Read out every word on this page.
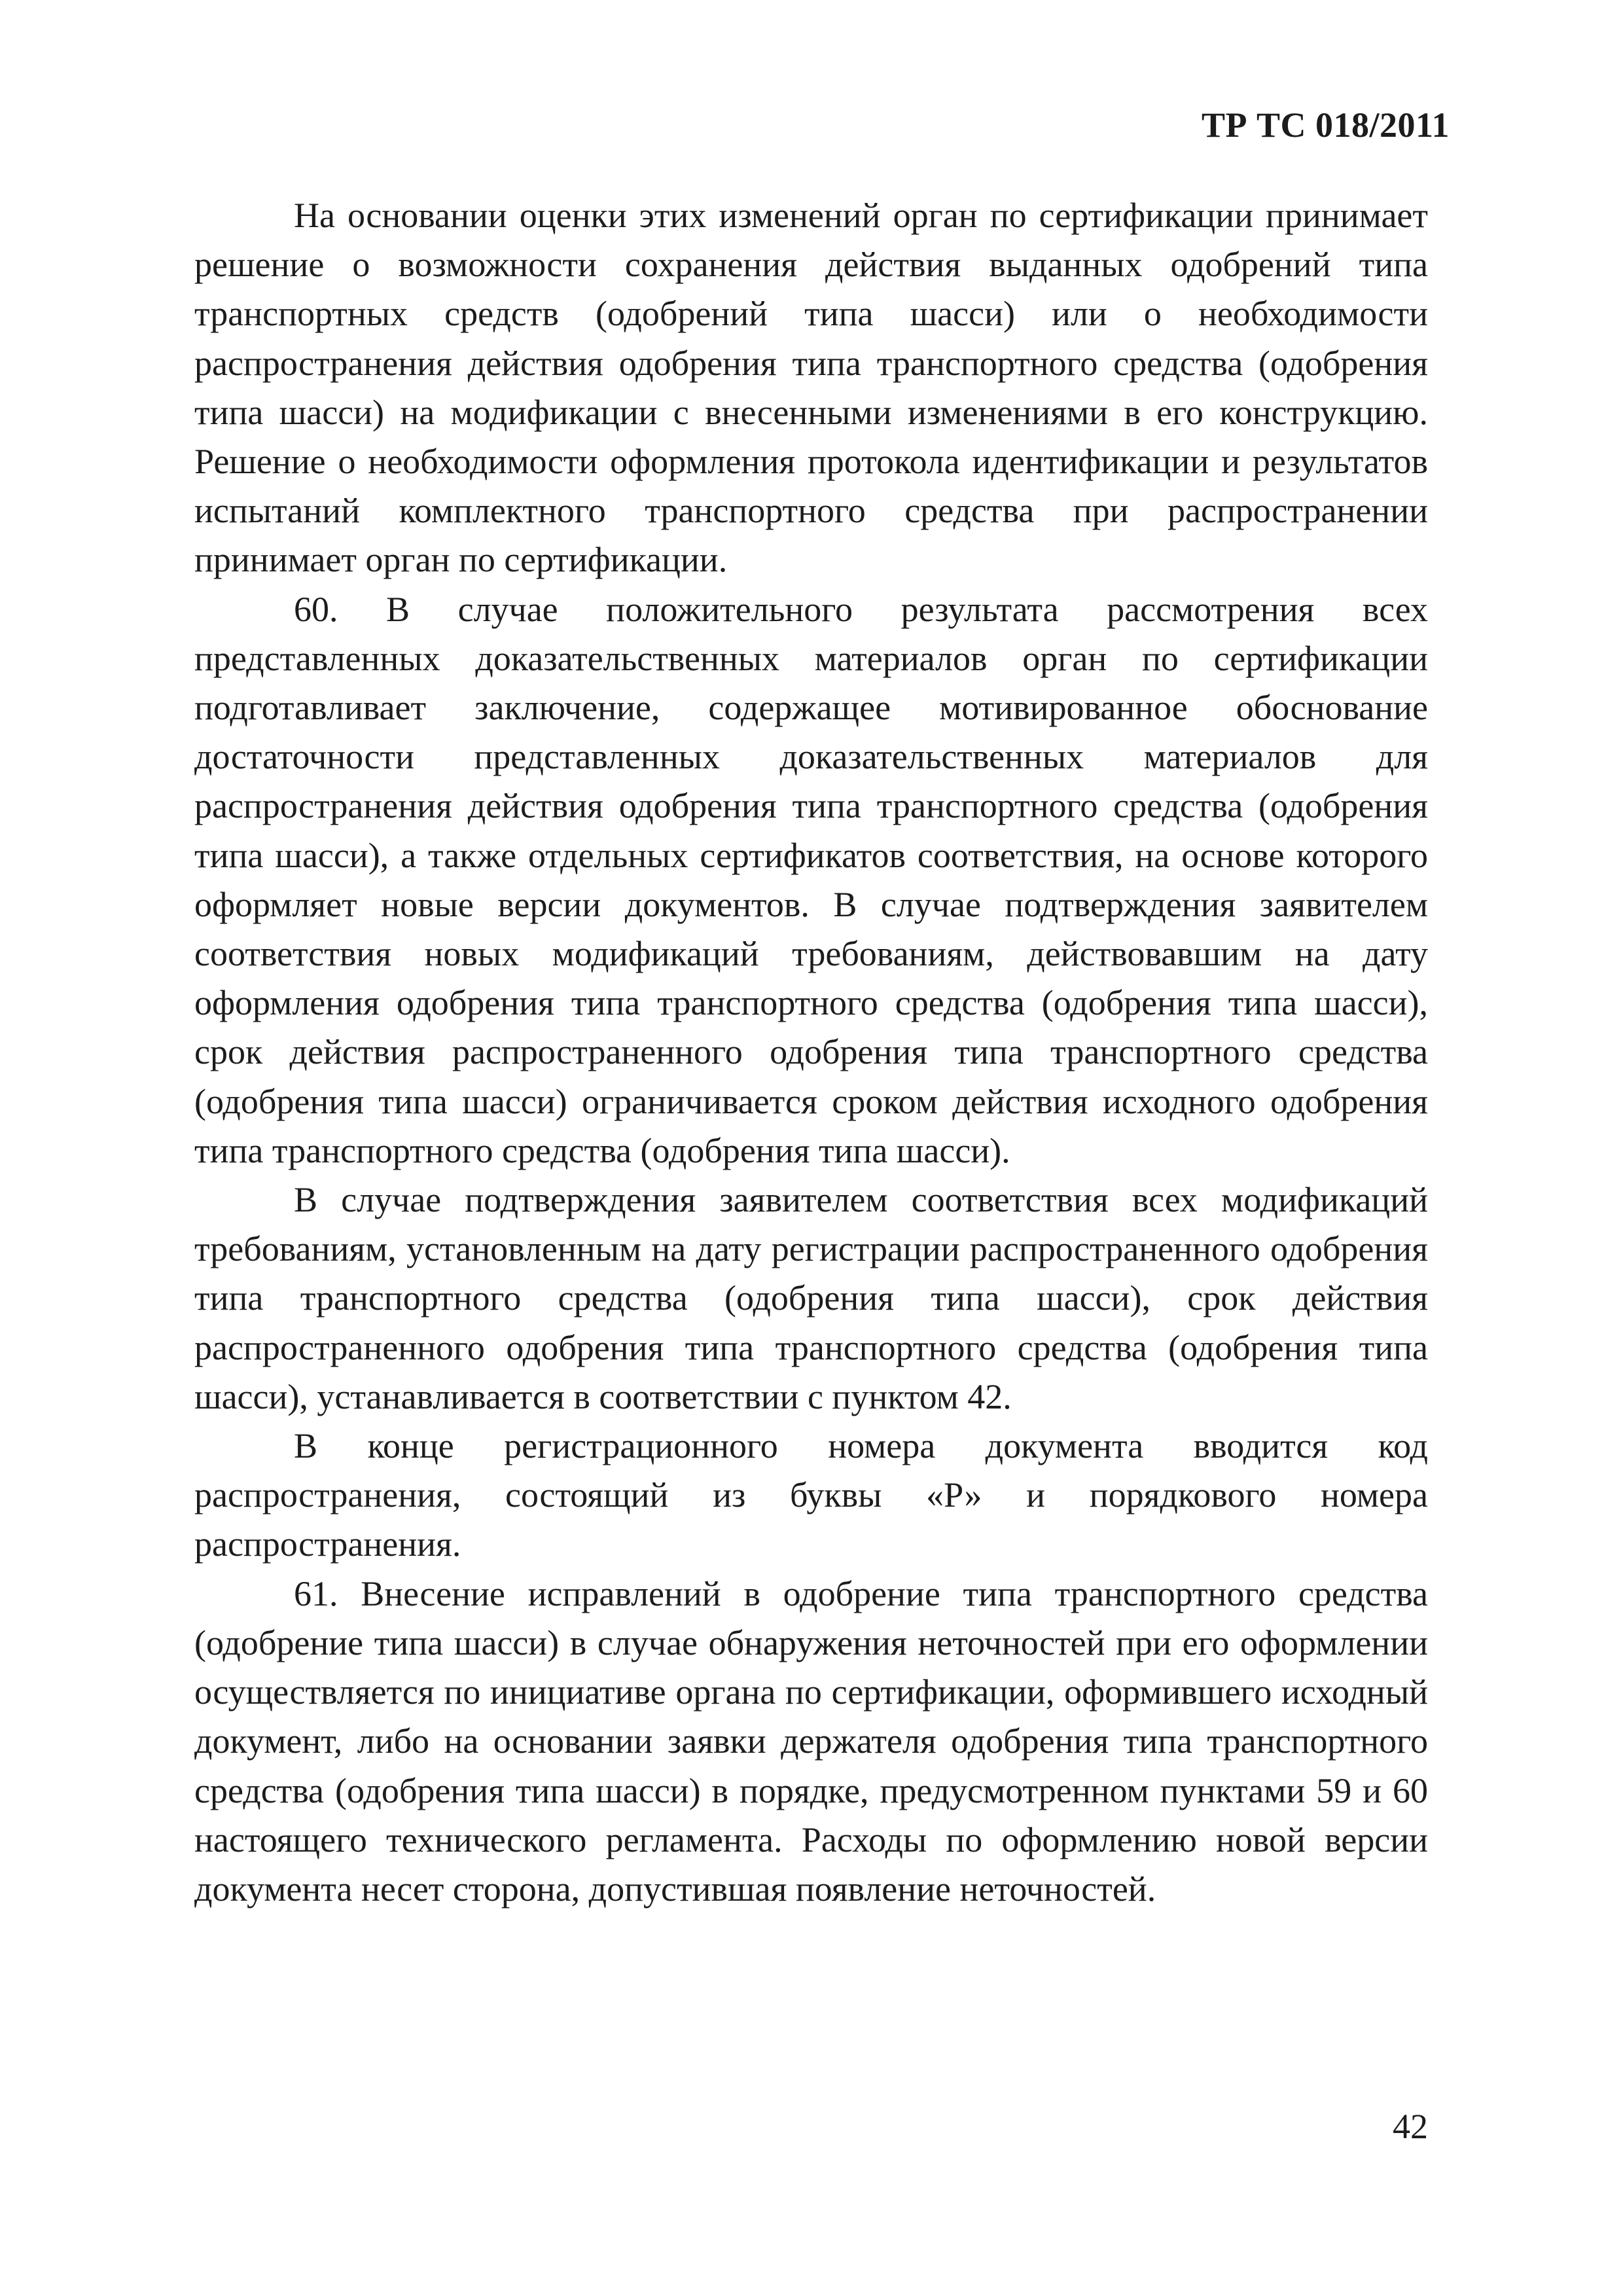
ТР ТС 018/2011

На основании оценки этих изменений орган по сертификации принимает решение о возможности сохранения действия выданных одобрений типа транспортных средств (одобрений типа шасси) или о необходимости распространения действия одобрения типа транспортного средства (одобрения типа шасси) на модификации с внесенными изменениями в его конструкцию. Решение о необходимости оформления протокола идентификации и результатов испытаний комплектного транспортного средства при распространении принимает орган по сертификации.

60. В случае положительного результата рассмотрения всех представленных доказательственных материалов орган по сертификации подготавливает заключение, содержащее мотивированное обоснование достаточности представленных доказательственных материалов для распространения действия одобрения типа транспортного средства (одобрения типа шасси), а также отдельных сертификатов соответствия, на основе которого оформляет новые версии документов. В случае подтверждения заявителем соответствия новых модификаций требованиям, действовавшим на дату оформления одобрения типа транспортного средства (одобрения типа шасси), срок действия распространенного одобрения типа транспортного средства (одобрения типа шасси) ограничивается сроком действия исходного одобрения типа транспортного средства (одобрения типа шасси).

В случае подтверждения заявителем соответствия всех модификаций требованиям, установленным на дату регистрации распространенного одобрения типа транспортного средства (одобрения типа шасси), срок действия распространенного одобрения типа транспортного средства (одобрения типа шасси), устанавливается в соответствии с пунктом 42.

В конце регистрационного номера документа вводится код распространения, состоящий из буквы «Р» и порядкового номера распространения.

61. Внесение исправлений в одобрение типа транспортного средства (одобрение типа шасси) в случае обнаружения неточностей при его оформлении осуществляется по инициативе органа по сертификации, оформившего исходный документ, либо на основании заявки держателя одобрения типа транспортного средства (одобрения типа шасси) в порядке, предусмотренном пунктами 59 и 60 настоящего технического регламента. Расходы по оформлению новой версии документа несет сторона, допустившая появление неточностей.

42
